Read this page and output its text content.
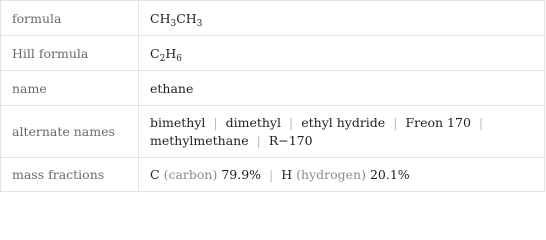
formula	$CH_3CH_3$
Hill formula	$C_2H_6$
name	ethane
alternate names	bimethyl | dimethyl | ethyl hydride | Freon 170 |
methylmethane | R−170

mass fractions	C (carbon) 79.9% | H (hydrogen) 20.1%
